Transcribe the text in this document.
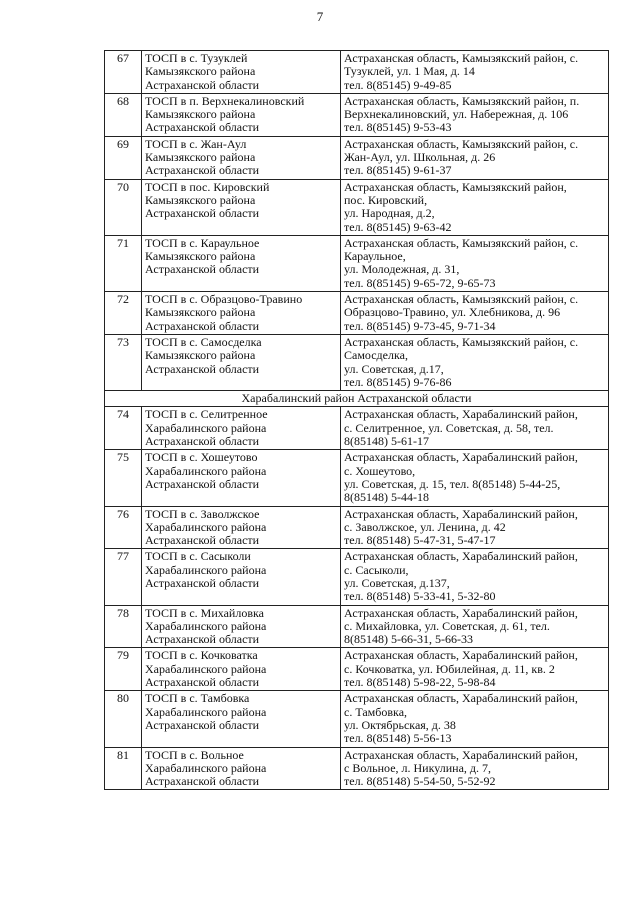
7
67	ТОСП в с. Тузуклей
Камызякского района
Астраханской области	Астраханская область, Камызякский район, с.
Тузуклей, ул. 1 Мая, д. 14
тел. 8(85145) 9-49-85

68	ТОСП в п. Верхнекалиновский
Камызякского района
Астраханской области	Астраханская область, Камызякский район, п.
Верхнекалиновский, ул. Набережная, д. 106
тел. 8(85145) 9-53-43

69	ТОСП в с. Жан-Аул
Камызякского района
Астраханской области	Астраханская область, Камызякский район, с.
Жан-Аул, ул. Школьная, д. 26
тел. 8(85145) 9-61-37

70	ТОСП в пос. Кировский
Камызякского района
Астраханской области	Астраханская область, Камызякский район,
пос. Кировский,
ул. Народная, д.2,
тел. 8(85145) 9-63-42

71	ТОСП в с. Караульное
Камызякского района
Астраханской области	Астраханская область, Камызякский район, с.
Караульное,
ул. Молодежная, д. 31,
тел. 8(85145) 9-65-72, 9-65-73

72	ТОСП в с. Образцово-Травино
Камызякского района
Астраханской области	Астраханская область, Камызякский район, с.
Образцово-Травино, ул. Хлебникова, д. 96
тел. 8(85145) 9-73-45, 9-71-34

73	ТОСП в с. Самосделка
Камызякского района
Астраханской области	Астраханская область, Камызякский район, с.
Самосделка,
ул. Советская, д.17,
тел. 8(85145) 9-76-86

Харабалинский район Астраханской области		
74	ТОСП в с. Селитренное
Харабалинского района
Астраханской области	Астраханская область, Харабалинский район,
с. Селитренное, ул. Советская, д. 58, тел.
8(85148) 5-61-17

75	ТОСП в с. Хошеутово
Харабалинского района
Астраханской области	Астраханская область, Харабалинский район,
с. Хошеутово,
ул. Советская, д. 15, тел. 8(85148) 5-44-25,
8(85148) 5-44-18

76	ТОСП в с. Заволжское
Харабалинского района
Астраханской области	Астраханская область, Харабалинский район,
с. Заволжское, ул. Ленина, д. 42
тел. 8(85148) 5-47-31, 5-47-17

77	ТОСП в с. Сасыколи
Харабалинского района
Астраханской области	Астраханская область, Харабалинский район,
с. Сасыколи,
ул. Советская, д.137,
тел. 8(85148) 5-33-41, 5-32-80

78	ТОСП в с. Михайловка
Харабалинского района
Астраханской области	Астраханская область, Харабалинский район,
с. Михайловка, ул. Советская, д. 61, тел.
8(85148) 5-66-31, 5-66-33

79	ТОСП в с. Кочковатка
Харабалинского района
Астраханской области	Астраханская область, Харабалинский район,
с. Кочковатка, ул. Юбилейная, д. 11, кв. 2
тел. 8(85148) 5-98-22, 5-98-84

80	ТОСП в с. Тамбовка
Харабалинского района
Астраханской области	Астраханская область, Харабалинский район,
с. Тамбовка,
ул. Октябрьская, д. 38
тел. 8(85148) 5-56-13

81	ТОСП в с. Вольное
Харабалинского района
Астраханской области	Астраханская область, Харабалинский район,
с Вольное, л. Никулина, д. 7,
тел. 8(85148) 5-54-50, 5-52-92
